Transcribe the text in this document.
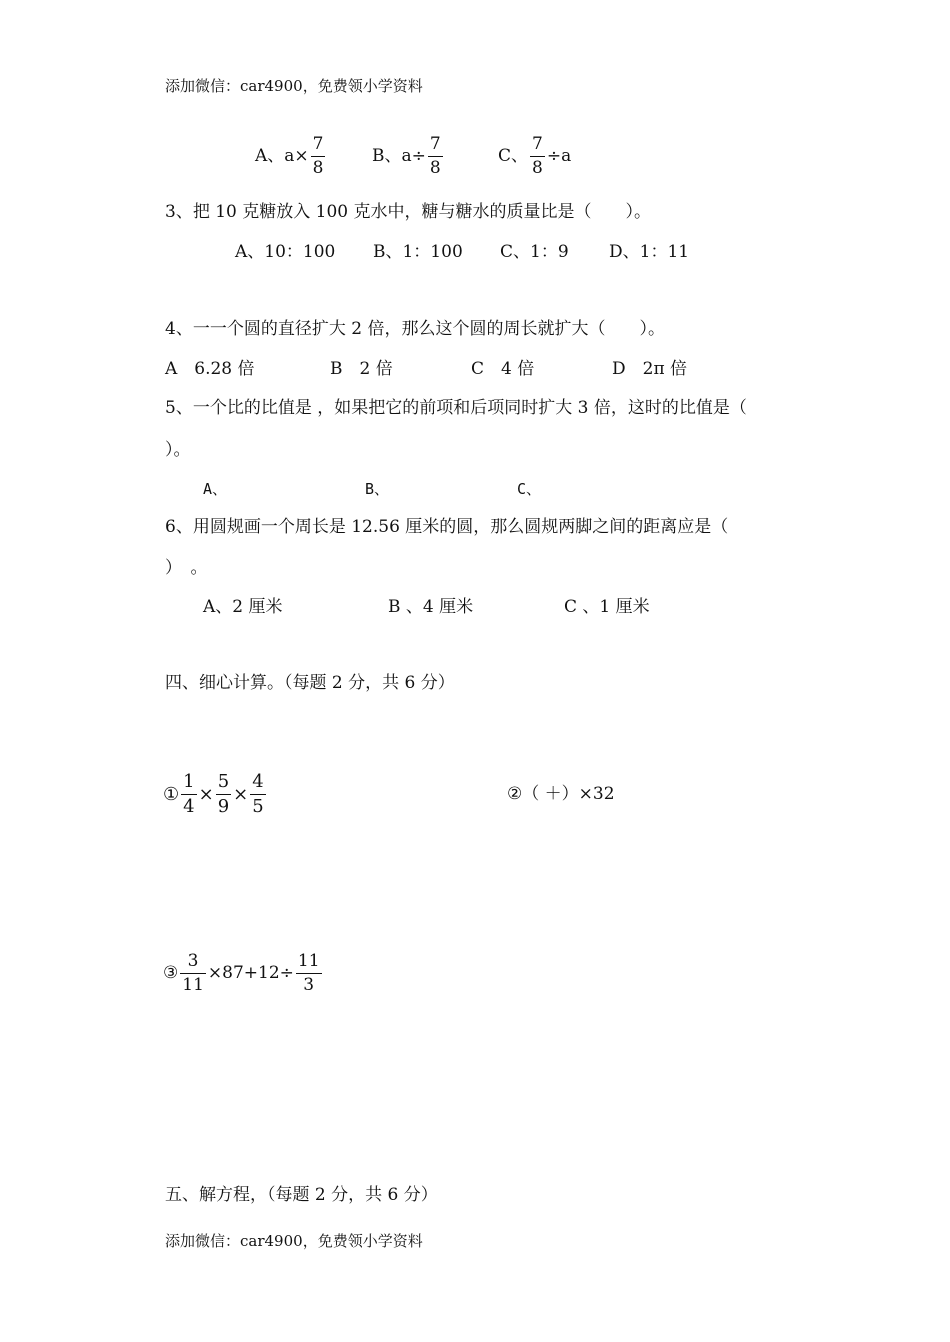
添加微信：car4900，免费领小学资料
A、$a\times \frac{7}{8}$	B、$a\div \frac{7}{8}$	C、 $\frac{7}{8} \div a$
3、把 10 克糖放入 100 克水中，糖与糖水的质量比是（　　）。
A、10：100 B、1：100 C、1：9 D、1：11
4、一一个圆的直径扩大 2 倍，那么这个圆的周长就扩大（　　）。
A　6.28 倍	B　2 倍	C　4 倍	D　2π 倍
5、一个比的比值是 ，如果把它的前项和后项同时扩大 3 倍，这时的比值是（
）。
A、	B、	C、
6、用圆规画一个周长是 12.56 厘米的圆，那么圆规两脚之间的距离应是（
）　。
A、2 厘米	B 、4 厘米	C 、1 厘米
四、细心计算。（每题 2 分，共 6 分）
① $\frac{1}{4} \times \frac{5}{9} \times \frac{4}{5}$	②（ ＋）×32
③ $\frac{3}{11} \times 87+12\div \frac{11}{3}$
五、解方程，（每题 2 分，共 6 分）
添加微信：car4900，免费领小学资料
